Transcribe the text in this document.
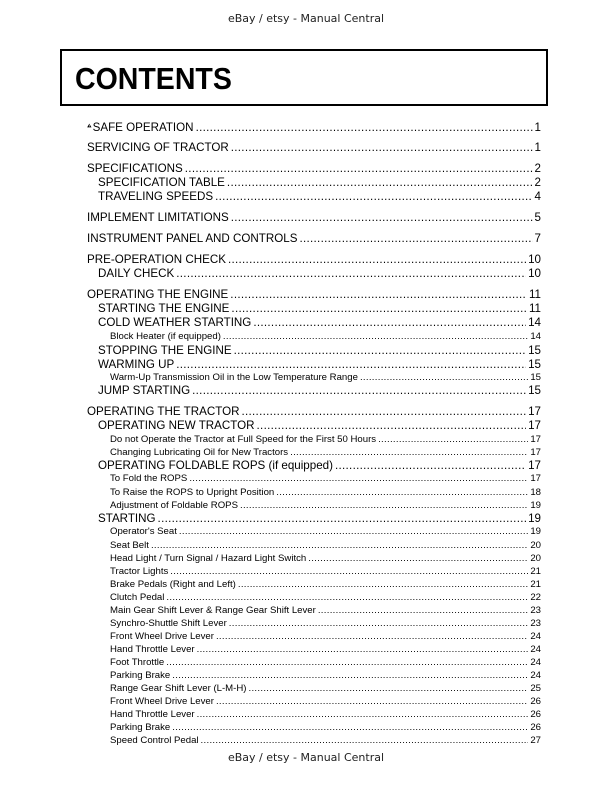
eBay / etsy - Manual Central
CONTENTS
SAFE OPERATION .....	1
SERVICING OF TRACTOR .....	1
SPECIFICATIONS .....	2
SPECIFICATION TABLE .....	2
TRAVELING SPEEDS .....	4
IMPLEMENT LIMITATIONS .....	5
INSTRUMENT PANEL AND CONTROLS .....	7
PRE-OPERATION CHECK .....	10
DAILY CHECK .....	10
OPERATING THE ENGINE .....	11
STARTING THE ENGINE .....	11
COLD WEATHER STARTING .....	14
Block Heater (if equipped) .....	14
STOPPING THE ENGINE .....	15
WARMING UP .....	15
Warm-Up Transmission Oil in the Low Temperature Range .....	15
JUMP STARTING .....	15
OPERATING THE TRACTOR .....	17
OPERATING NEW TRACTOR .....	17
Do not Operate the Tractor at Full Speed for the First 50 Hours .....	17
Changing Lubricating Oil for New Tractors .....	17
OPERATING FOLDABLE ROPS (if equipped) .....	17
To Fold the ROPS .....	17
To Raise the ROPS to Upright Position .....	18
Adjustment of Foldable ROPS .....	19
STARTING .....	19
Operator's Seat .....	19
Seat Belt .....	20
Head Light / Turn Signal / Hazard Light Switch .....	20
Tractor Lights .....	21
Brake Pedals (Right and Left) .....	21
Clutch Pedal .....	22
Main Gear Shift Lever & Range Gear Shift Lever .....	23
Synchro-Shuttle Shift Lever .....	23
Front Wheel Drive Lever .....	24
Hand Throttle Lever .....	24
Foot Throttle .....	24
Parking Brake .....	24
Range Gear Shift Lever (L-M-H) .....	25
Front Wheel Drive Lever .....	26
Hand Throttle Lever .....	26
Parking Brake .....	26
Speed Control Pedal .....	27
eBay / etsy - Manual Central
